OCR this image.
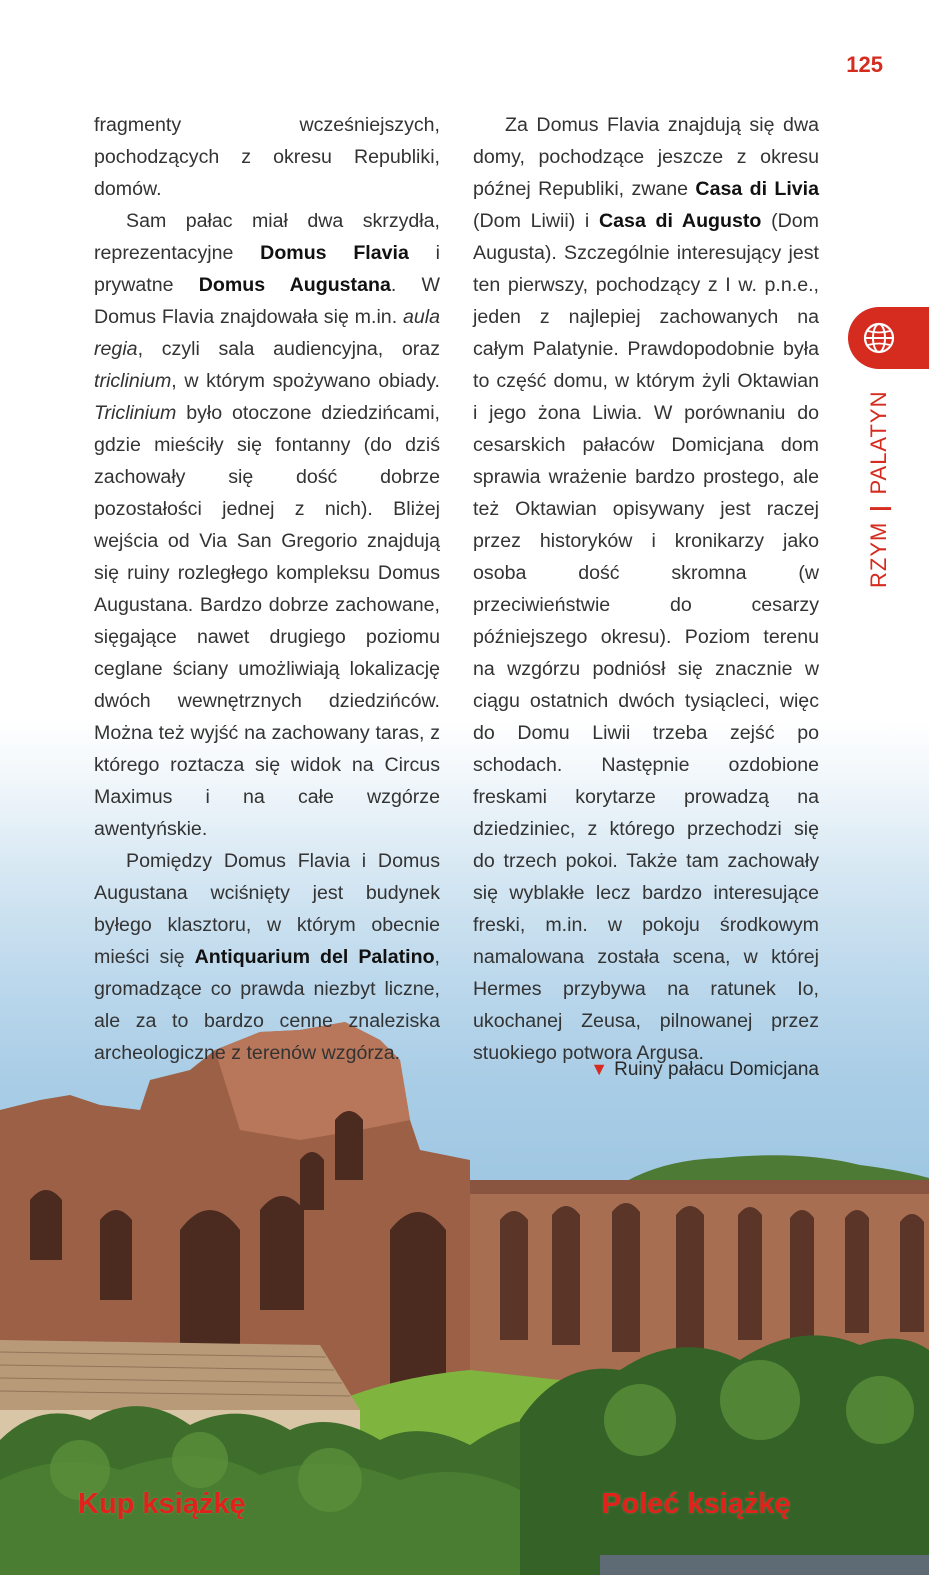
125

fragmenty wcześniejszych, pochodzących z okresu Republiki, domów.

Sam pałac miał dwa skrzydła, reprezentacyjne Domus Flavia i prywatne Domus Augustana. W Domus Flavia znajdowała się m.in. aula regia, czyli sala audiencyjna, oraz triclinium, w którym spożywano obiady. Triclinium było otoczone dziedzińcami, gdzie mieściły się fontanny (do dziś zachowały się dość dobrze pozostałości jednej z nich). Bliżej wejścia od Via San Gregorio znajdują się ruiny rozległego kompleksu Domus Augustana. Bardzo dobrze zachowane, sięgające nawet drugiego poziomu ceglane ściany umożliwiają lokalizację dwóch wewnętrznych dziedzińców. Można też wyjść na zachowany taras, z którego roztacza się widok na Circus Maximus i na całe wzgórze awentyńskie.

Pomiędzy Domus Flavia i Domus Augustana wciśnięty jest budynek byłego klasztoru, w którym obecnie mieści się Antiquarium del Palatino, gromadzące co prawda niezbyt liczne, ale za to bardzo cenne znaleziska archeologiczne z terenów wzgórza.

Za Domus Flavia znajdują się dwa domy, pochodzące jeszcze z okresu późnej Republiki, zwane Casa di Livia (Dom Liwii) i Casa di Augusto (Dom Augusta). Szczególnie interesujący jest ten pierwszy, pochodzący z I w. p.n.e., jeden z najlepiej zachowanych na całym Palatynie. Prawdopodobnie była to część domu, w którym żyli Oktawian i jego żona Liwia. W porównaniu do cesarskich pałaców Domicjana dom sprawia wrażenie bardzo prostego, ale też Oktawian opisywany jest raczej przez historyków i kronikarzy jako osoba dość skromna (w przeciwieństwie do cesarzy późniejszego okresu). Poziom terenu na wzgórzu podniósł się znacznie w ciągu ostatnich dwóch tysiącleci, więc do Domu Liwii trzeba zejść po schodach. Następnie ozdobione freskami korytarze prowadzą na dziedziniec, z którego przechodzi się do trzech pokoi. Także tam zachowały się wyblakłe lecz bardzo interesujące freski, m.in. w pokoju środkowym namalowana została scena, w której Hermes przybywa na ratunek Io, ukochanej Zeusa, pilnowanej przez stuokiego potwora Argusa.

RZYM|PALATYN
▼ Ruiny pałacu Domicjana
Kup książkę	Poleć książkę
